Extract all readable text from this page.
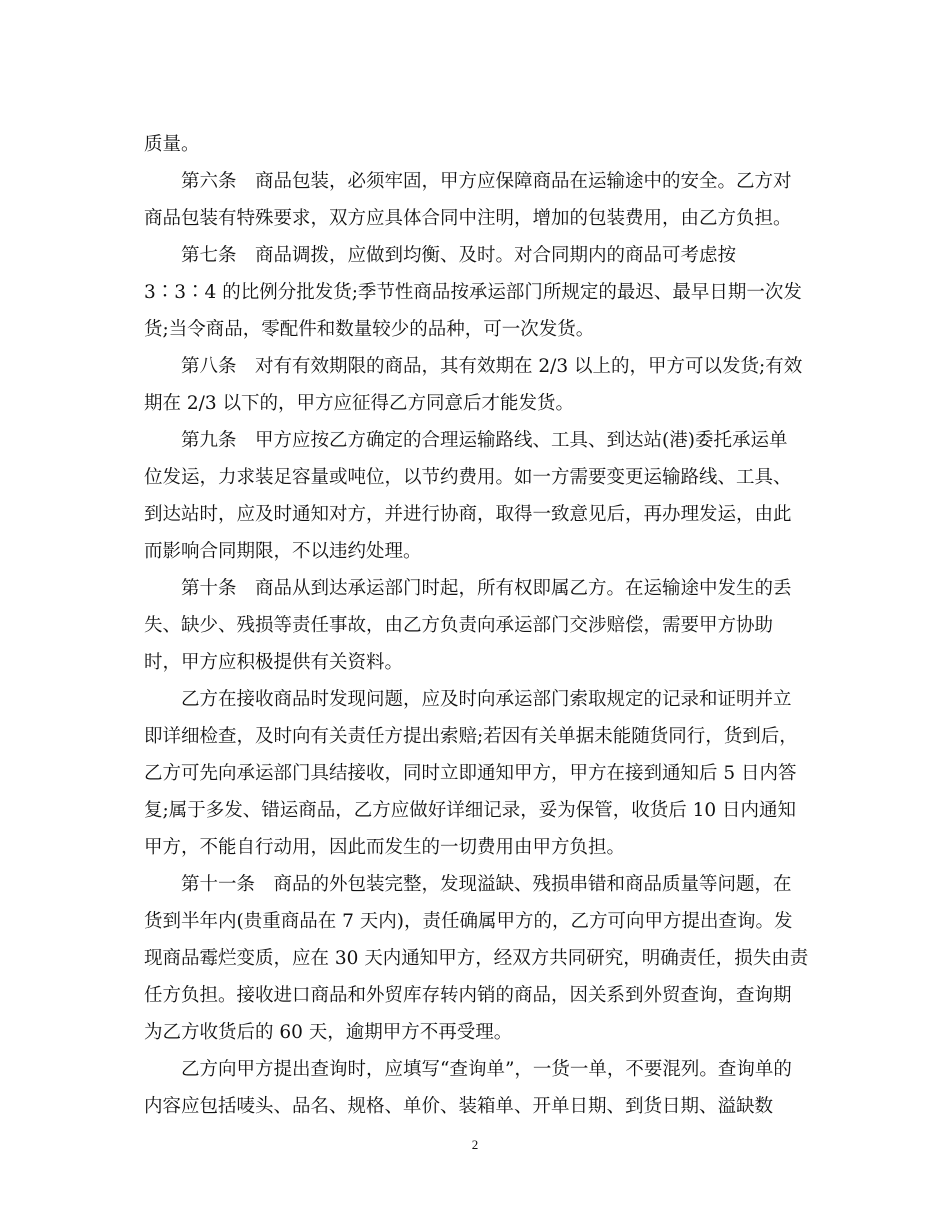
质量。
第六条　商品包装，必须牢固，甲方应保障商品在运输途中的安全。乙方对
商品包装有特殊要求，双方应具体合同中注明，增加的包装费用，由乙方负担。
第七条　商品调拨，应做到均衡、及时。对合同期内的商品可考虑按
3∶3∶4 的比例分批发货;季节性商品按承运部门所规定的最迟、最早日期一次发
货;当令商品，零配件和数量较少的品种，可一次发货。
第八条　对有有效期限的商品，其有效期在 2/3 以上的，甲方可以发货;有效
期在 2/3 以下的，甲方应征得乙方同意后才能发货。
第九条　甲方应按乙方确定的合理运输路线、工具、到达站(港)委托承运单
位发运，力求装足容量或吨位，以节约费用。如一方需要变更运输路线、工具、
到达站时，应及时通知对方，并进行协商，取得一致意见后，再办理发运，由此
而影响合同期限，不以违约处理。
第十条　商品从到达承运部门时起，所有权即属乙方。在运输途中发生的丢
失、缺少、残损等责任事故，由乙方负责向承运部门交涉赔偿，需要甲方协助
时，甲方应积极提供有关资料。
乙方在接收商品时发现问题，应及时向承运部门索取规定的记录和证明并立
即详细检查，及时向有关责任方提出索赔;若因有关单据未能随货同行，货到后，
乙方可先向承运部门具结接收，同时立即通知甲方，甲方在接到通知后 5 日内答
复;属于多发、错运商品，乙方应做好详细记录，妥为保管，收货后 10 日内通知
甲方，不能自行动用，因此而发生的一切费用由甲方负担。
第十一条　商品的外包装完整，发现溢缺、残损串错和商品质量等问题，在
货到半年内(贵重商品在 7 天内)，责任确属甲方的，乙方可向甲方提出查询。发
现商品霉烂变质，应在 30 天内通知甲方，经双方共同研究，明确责任，损失由责
任方负担。接收进口商品和外贸库存转内销的商品，因关系到外贸查询，查询期
为乙方收货后的 60 天，逾期甲方不再受理。
乙方向甲方提出查询时，应填写“查询单”，一货一单，不要混列。查询单的
内容应包括唛头、品名、规格、单价、装箱单、开单日期、到货日期、溢缺数
2
